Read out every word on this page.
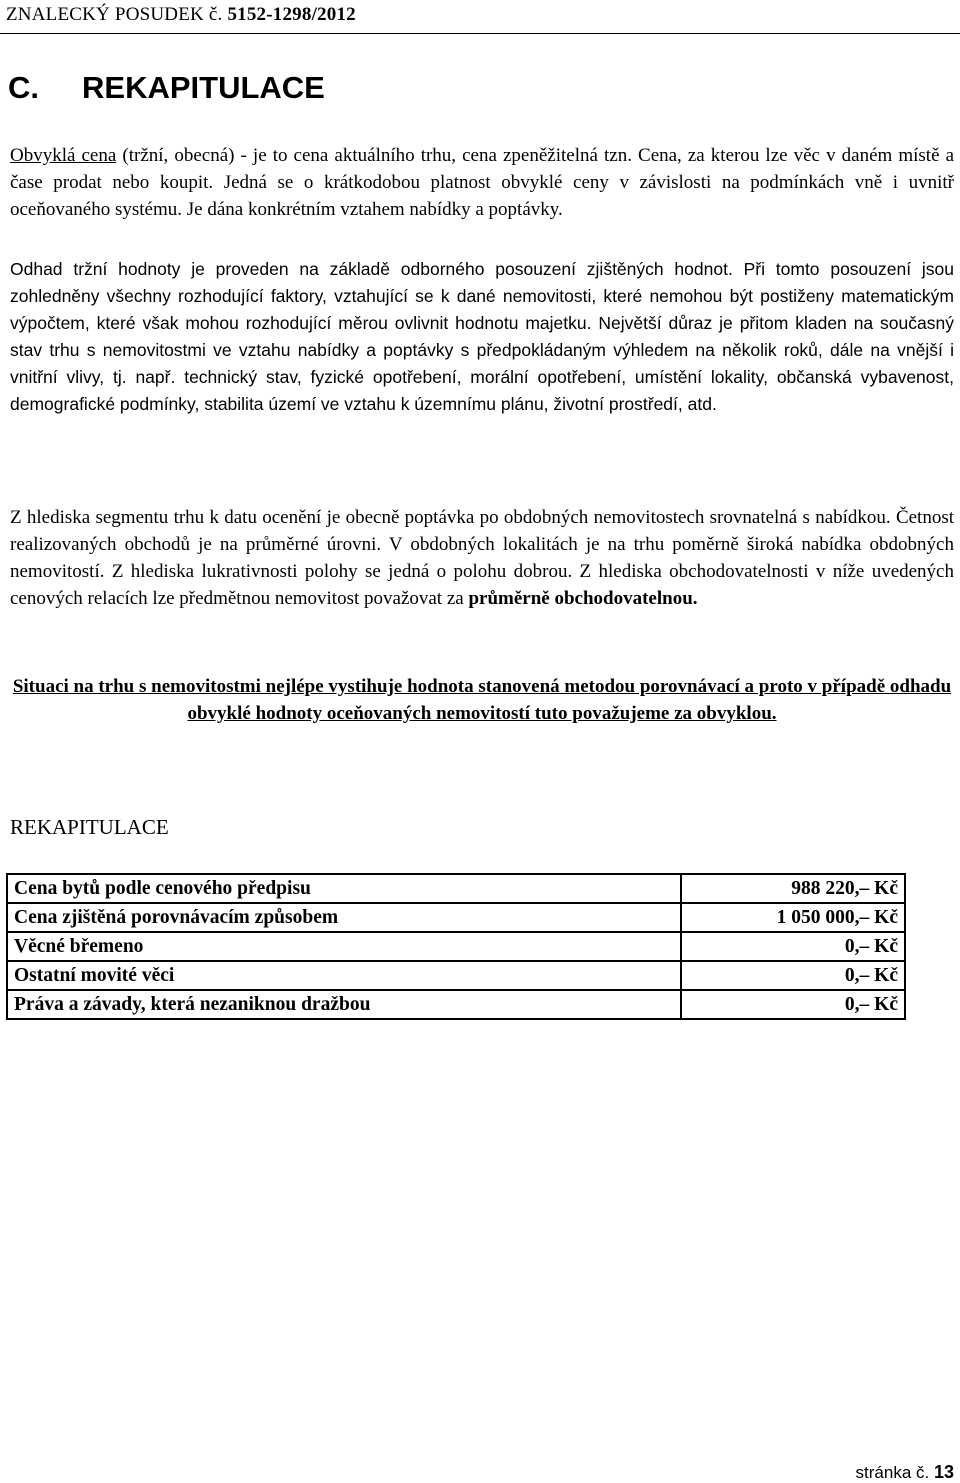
ZNALECKÝ POSUDEK č. 5152-1298/2012
C. REKAPITULACE

Obvyklá cena (tržní, obecná) - je to cena aktuálního trhu, cena zpeněžitelná tzn. Cena, za kterou lze věc v daném místě a čase prodat nebo koupit. Jedná se o krátkodobou platnost obvyklé ceny v závislosti na podmínkách vně i uvnitř oceňovaného systému. Je dána konkrétním vztahem nabídky a poptávky.

Odhad tržní hodnoty je proveden na základě odborného posouzení zjištěných hodnot. Při tomto posouzení jsou zohledněny všechny rozhodující faktory, vztahující se k dané nemovitosti, které nemohou být postiženy matematickým výpočtem, které však mohou rozhodující měrou ovlivnit hodnotu majetku. Největší důraz je přitom kladen na současný stav trhu s nemovitostmi ve vztahu nabídky a poptávky s předpokládaným výhledem na několik roků, dále na vnější i vnitřní vlivy, tj. např. technický stav, fyzické opotřebení, morální opotřebení, umístění lokality, občanská vybavenost, demografické podmínky, stabilita území ve vztahu k územnímu plánu, životní prostředí, atd.

Z hlediska segmentu trhu k datu ocenění je obecně poptávka po obdobných nemovitostech srovnatelná s nabídkou. Četnost realizovaných obchodů je na průměrné úrovni. V obdobných lokalitách je na trhu poměrně široká nabídka obdobných nemovitostí. Z hlediska lukrativnosti polohy se jedná o polohu dobrou. Z hlediska obchodovatelnosti v níže uvedených cenových relacích lze předmětnou nemovitost považovat za průměrně obchodovatelnou.

Situaci na trhu s nemovitostmi nejlépe vystihuje hodnota stanovená metodou porovnávací a proto v případě odhadu obvyklé hodnoty oceňovaných nemovitostí tuto považujeme za obvyklou.

REKAPITULACE
Cena bytů podle cenového předpisu	988 220,– Kč
Cena zjištěná porovnávacím způsobem	1 050 000,– Kč
Věcné břemeno	0,– Kč
Ostatní movité věci	0,– Kč
Práva a závady, která nezaniknou dražbou	0,– Kč
stránka č. 13
